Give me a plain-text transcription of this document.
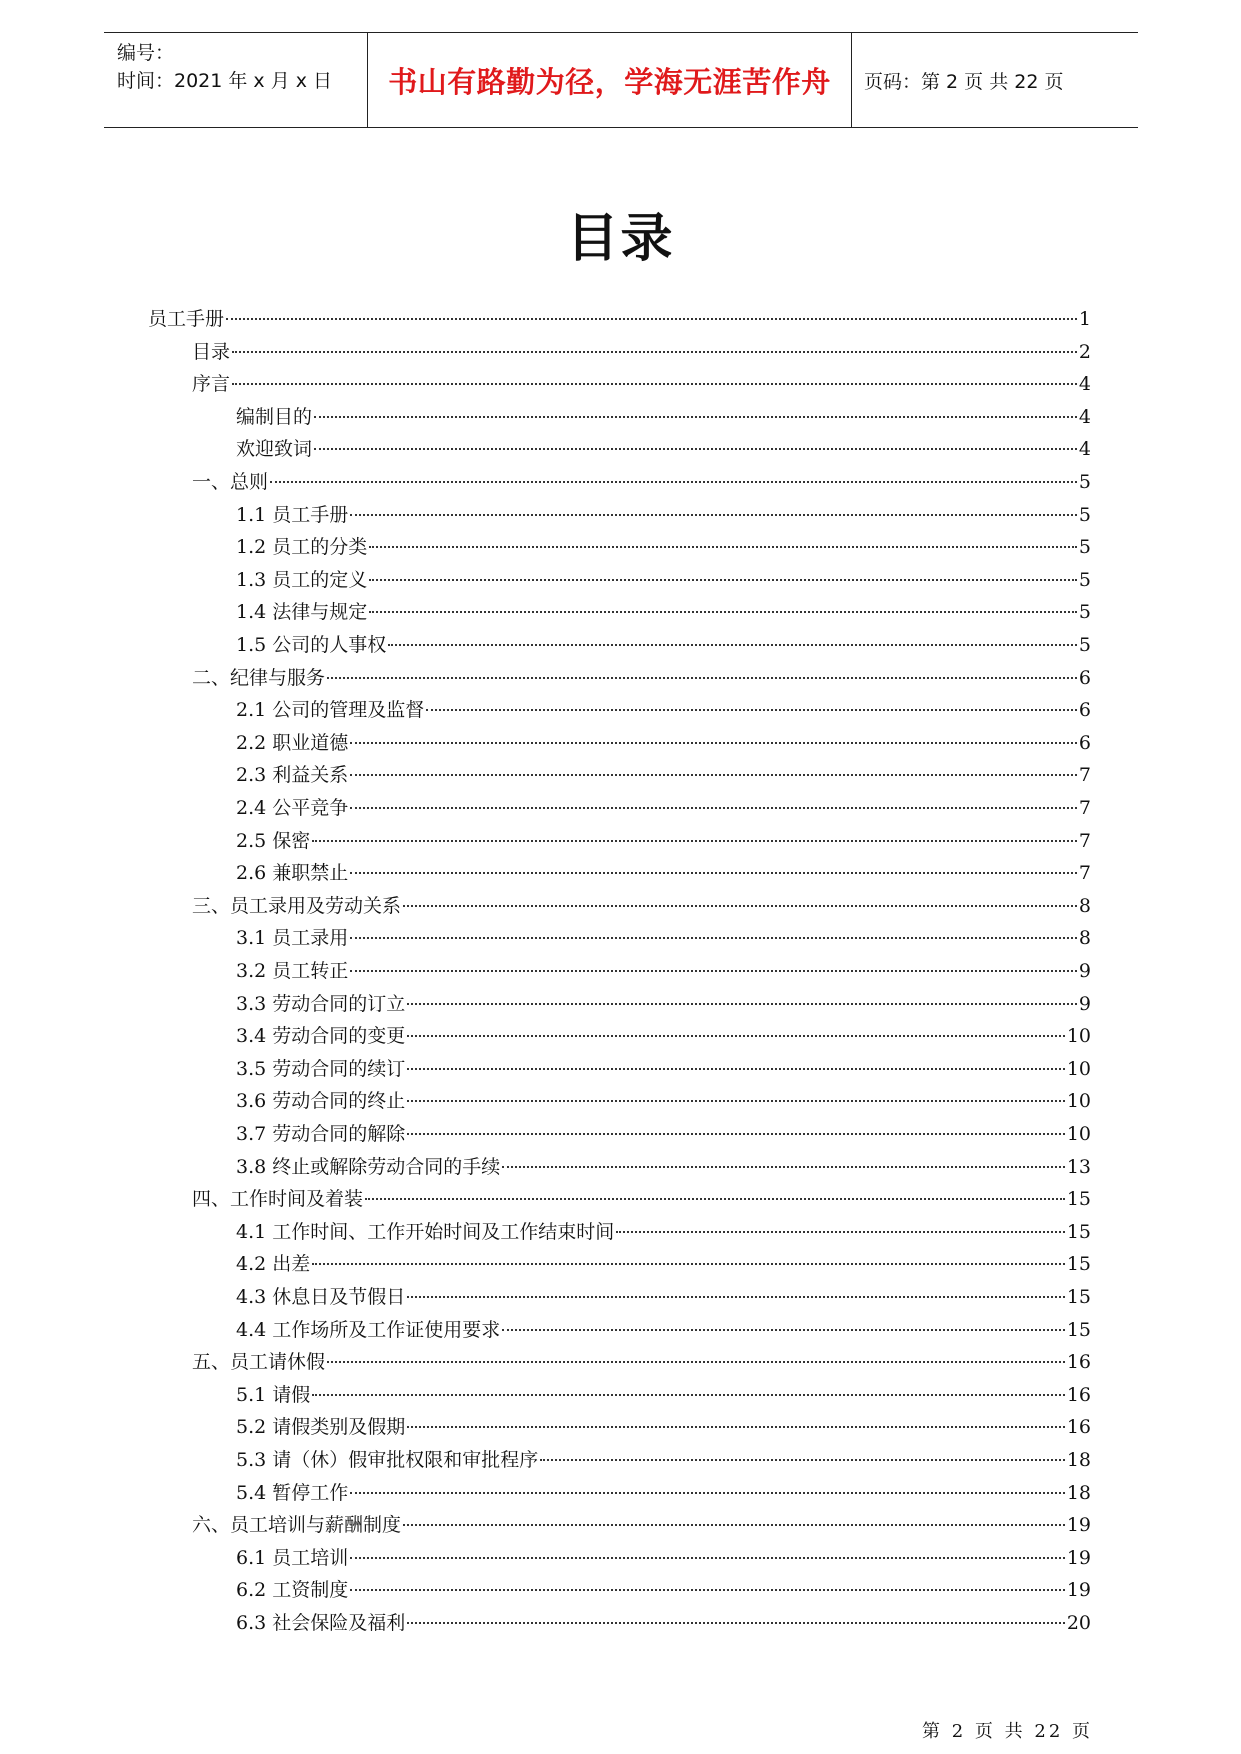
编号：
时间：2021 年 x 月 x 日	书山有路勤为径，学海无涯苦作舟	页码：第 2 页 共 22 页
目录
员工手册	1
目录	2
序言	4
编制目的	4
欢迎致词	4
一、总则	5
1.1 员工手册	5
1.2 员工的分类	5
1.3 员工的定义	5
1.4 法律与规定	5
1.5 公司的人事权	5
二、纪律与服务	6
2.1 公司的管理及监督	6
2.2 职业道德	6
2.3 利益关系	7
2.4 公平竞争	7
2.5 保密	7
2.6 兼职禁止	7
三、员工录用及劳动关系	8
3.1 员工录用	8
3.2 员工转正	9
3.3 劳动合同的订立	9
3.4 劳动合同的变更	10
3.5 劳动合同的续订	10
3.6 劳动合同的终止	10
3.7 劳动合同的解除	10
3.8 终止或解除劳动合同的手续	13
四、工作时间及着装	15
4.1 工作时间、工作开始时间及工作结束时间	15
4.2 出差	15
4.3 休息日及节假日	15
4.4 工作场所及工作证使用要求	15
五、员工请休假	16
5.1 请假	16
5.2 请假类别及假期	16
5.3 请（休）假审批权限和审批程序	18
5.4 暂停工作	18
六、员工培训与薪酬制度	19
6.1 员工培训	19
6.2 工资制度	19
6.3 社会保险及福利	20
第 2 页 共 22 页
